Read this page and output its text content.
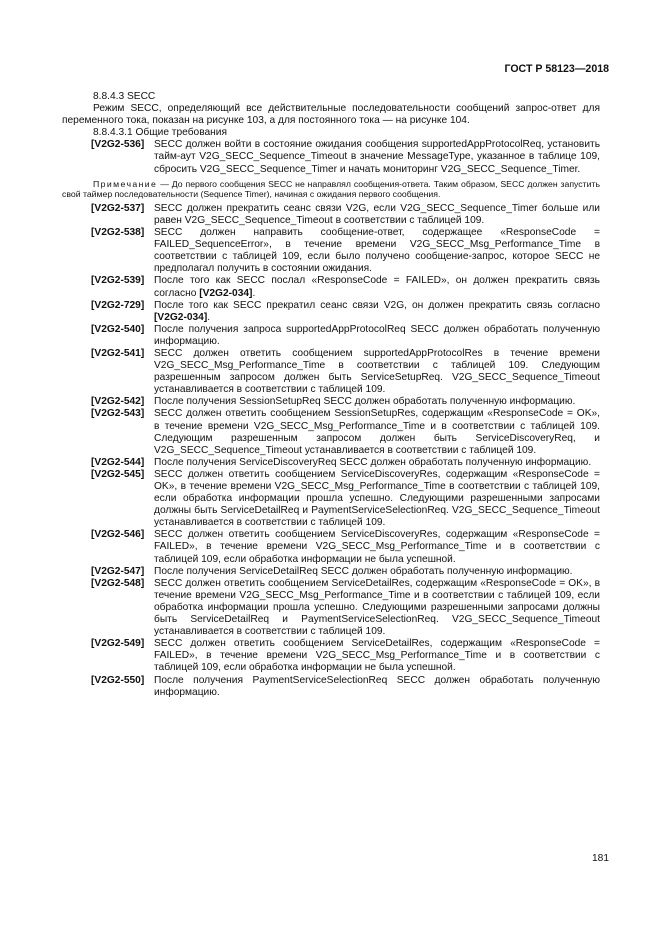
ГОСТ Р 58123—2018

8.8.4.3 SECC

Режим SECC, определяющий все действительные последовательности сообщений запрос-ответ для переменного тока, показан на рисунке 103, а для постоянного тока — на рисунке 104.

8.8.4.3.1 Общие требования

[V2G2-536] SECC должен войти в состояние ожидания сообщения supportedAppProtocolReq, установить тайм-аут V2G_SECC_Sequence_Timeout в значение MessageType, указанное в таблице 109, сбросить V2G_SECC_Sequence_Timer и начать мониторинг V2G_SECC_Sequence_Timer.

Примечание — До первого сообщения SECC не направлял сообщения-ответа. Таким образом, SECC должен запустить свой таймер последовательности (Sequence Timer), начиная с ожидания первого сообщения.

[V2G2-537] SECC должен прекратить сеанс связи V2G, если V2G_SECC_Sequence_Timer больше или равен V2G_SECC_Sequence_Timeout в соответствии с таблицей 109.
[V2G2-538] SECC должен направить сообщение-ответ, содержащее «ResponseCode = FAILED_SequenceError», в течение времени V2G_SECC_Msg_Performance_Time в соответствии с таблицей 109, если было получено сообщение-запрос, которое SECC не предполагал получить в состоянии ожидания.
[V2G2-539] После того как SECC послал «ResponseCode = FAILED», он должен прекратить связь согласно [V2G2-034].
[V2G2-729] После того как SECC прекратил сеанс связи V2G, он должен прекратить связь согласно [V2G2-034].
[V2G2-540] После получения запроса supportedAppProtocolReq SECC должен обработать полученную информацию.
[V2G2-541] SECC должен ответить сообщением supportedAppProtocolRes в течение времени V2G_SECC_Msg_Performance_Time в соответствии с таблицей 109. Следующим разрешенным запросом должен быть ServiceSetupReq. V2G_SECC_Sequence_Timeout устанавливается в соответствии с таблицей 109.
[V2G2-542] После получения SessionSetupReq SECC должен обработать полученную информацию.
[V2G2-543] SECC должен ответить сообщением SessionSetupRes, содержащим «ResponseCode = OK», в течение времени V2G_SECC_Msg_Performance_Time и в соответствии с таблицей 109. Следующим разрешенным запросом должен быть ServiceDiscoveryReq, и V2G_SECC_Sequence_Timeout устанавливается в соответствии с таблицей 109.
[V2G2-544] После получения ServiceDiscoveryReq SECC должен обработать полученную информацию.
[V2G2-545] SECC должен ответить сообщением ServiceDiscoveryRes, содержащим «ResponseCode = OK», в течение времени V2G_SECC_Msg_Performance_Time в соответствии с таблицей 109, если обработка информации прошла успешно. Следующими разрешенными запросами должны быть ServiceDetailReq и PaymentServiceSelectionReq. V2G_SECC_Sequence_Timeout устанавливается в соответствии с таблицей 109.
[V2G2-546] SECC должен ответить сообщением ServiceDiscoveryRes, содержащим «ResponseCode = FAILED», в течение времени V2G_SECC_Msg_Performance_Time и в соответствии с таблицей 109, если обработка информации не была успешной.
[V2G2-547] После получения ServiceDetailReq SECC должен обработать полученную информацию.
[V2G2-548] SECC должен ответить сообщением ServiceDetailRes, содержащим «ResponseCode = OK», в течение времени V2G_SECC_Msg_Performance_Time и в соответствии с таблицей 109, если обработка информации прошла успешно. Следующими разрешенными запросами должны быть ServiceDetailReq и PaymentServiceSelectionReq. V2G_SECC_Sequence_Timeout устанавливается в соответствии с таблицей 109.
[V2G2-549] SECC должен ответить сообщением ServiceDetailRes, содержащим «ResponseCode = FAILED», в течение времени V2G_SECC_Msg_Performance_Time и в соответствии с таблицей 109, если обработка информации не была успешной.
[V2G2-550] После получения PaymentServiceSelectionReq SECC должен обработать полученную информацию.
181
